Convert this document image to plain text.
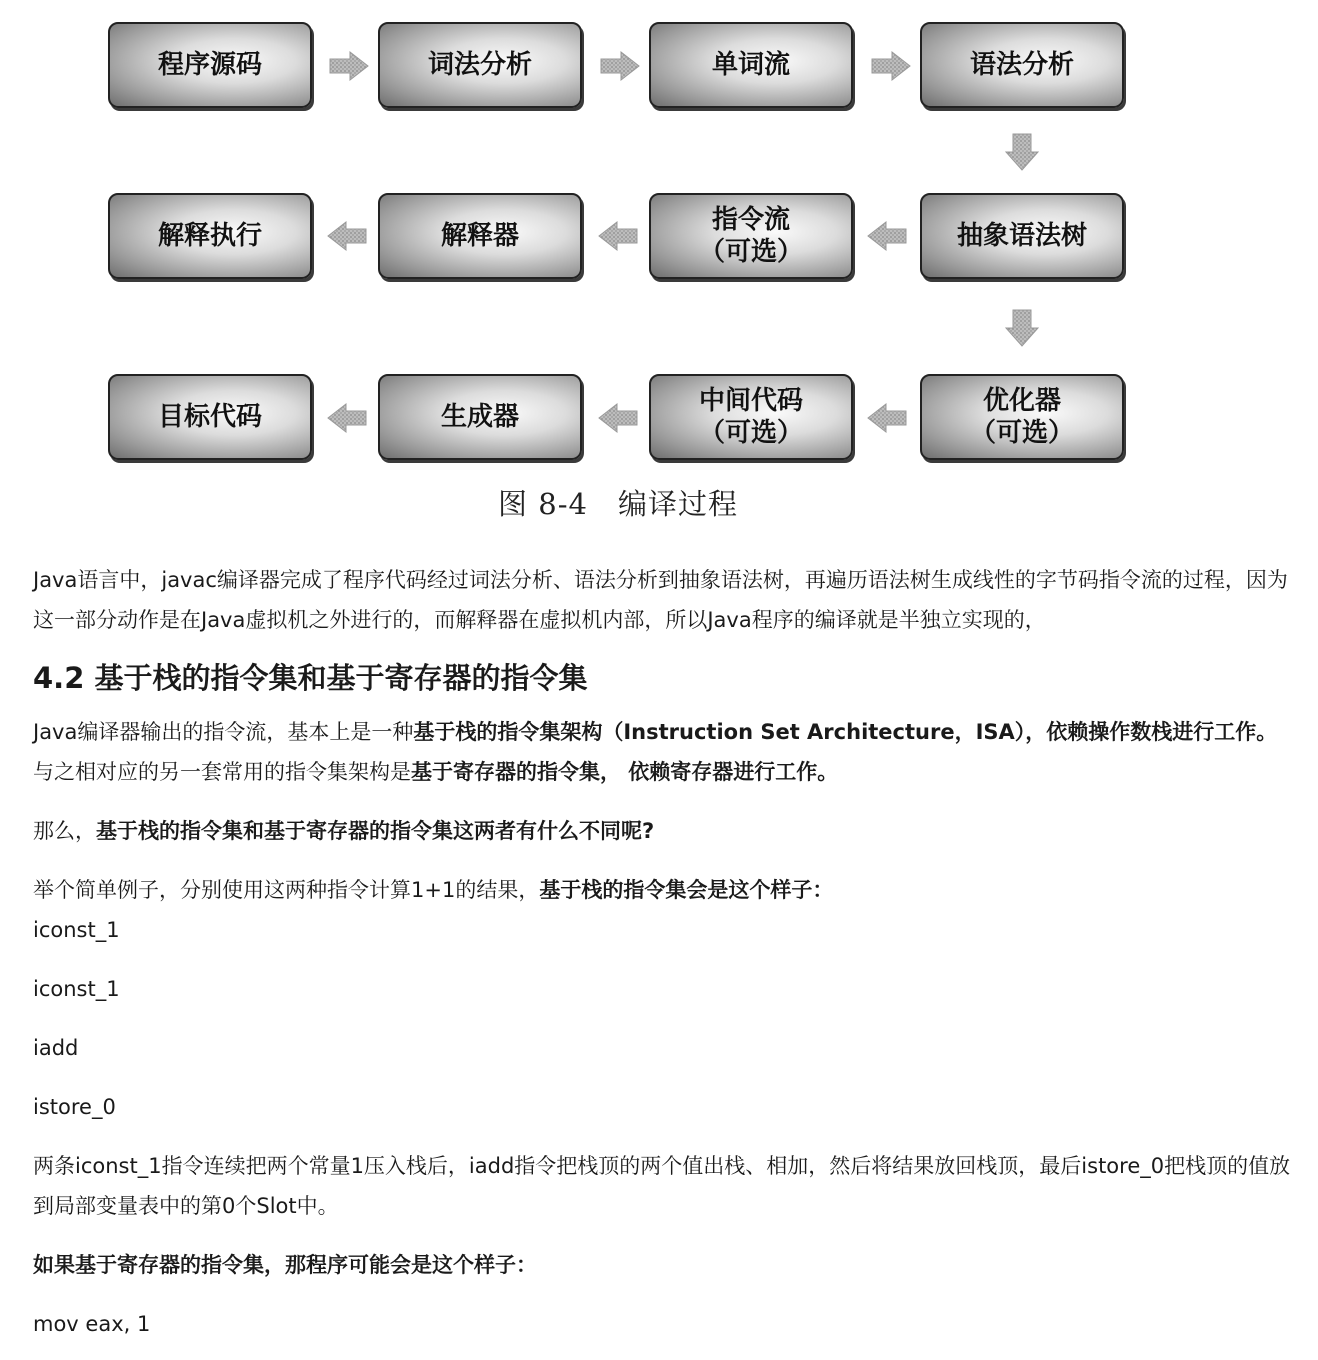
程序源码	词法分析	单词流	语法分析
解释执行	解释器
指令流
（可选）
抽象语法树
目标代码	生成器
中间代码
（可选）
优化器
（可选）
图 8-4　编译过程

Java语言中，javac编译器完成了程序代码经过词法分析、语法分析到抽象语法树，再遍历语法树生成线性的字节码指令流的过程，因为这一部分动作是在Java虚拟机之外进行的，而解释器在虚拟机内部，所以Java程序的编译就是半独立实现的，

4.2 基于栈的指令集和基于寄存器的指令集

Java编译器输出的指令流，基本上是一种基于栈的指令集架构（Instruction Set Architecture，ISA），依赖操作数栈进行工作。与之相对应的另一套常用的指令集架构是基于寄存器的指令集， 依赖寄存器进行工作。

那么，基于栈的指令集和基于寄存器的指令集这两者有什么不同呢?

举个简单例子，分别使用这两种指令计算1+1的结果，基于栈的指令集会是这个样子：

iconst_1

iconst_1

iadd

istore_0

两条iconst_1指令连续把两个常量1压入栈后，iadd指令把栈顶的两个值出栈、相加，然后将结果放回栈顶，最后istore_0把栈顶的值放到局部变量表中的第0个Slot中。

如果基于寄存器的指令集，那程序可能会是这个样子：

mov eax, 1
